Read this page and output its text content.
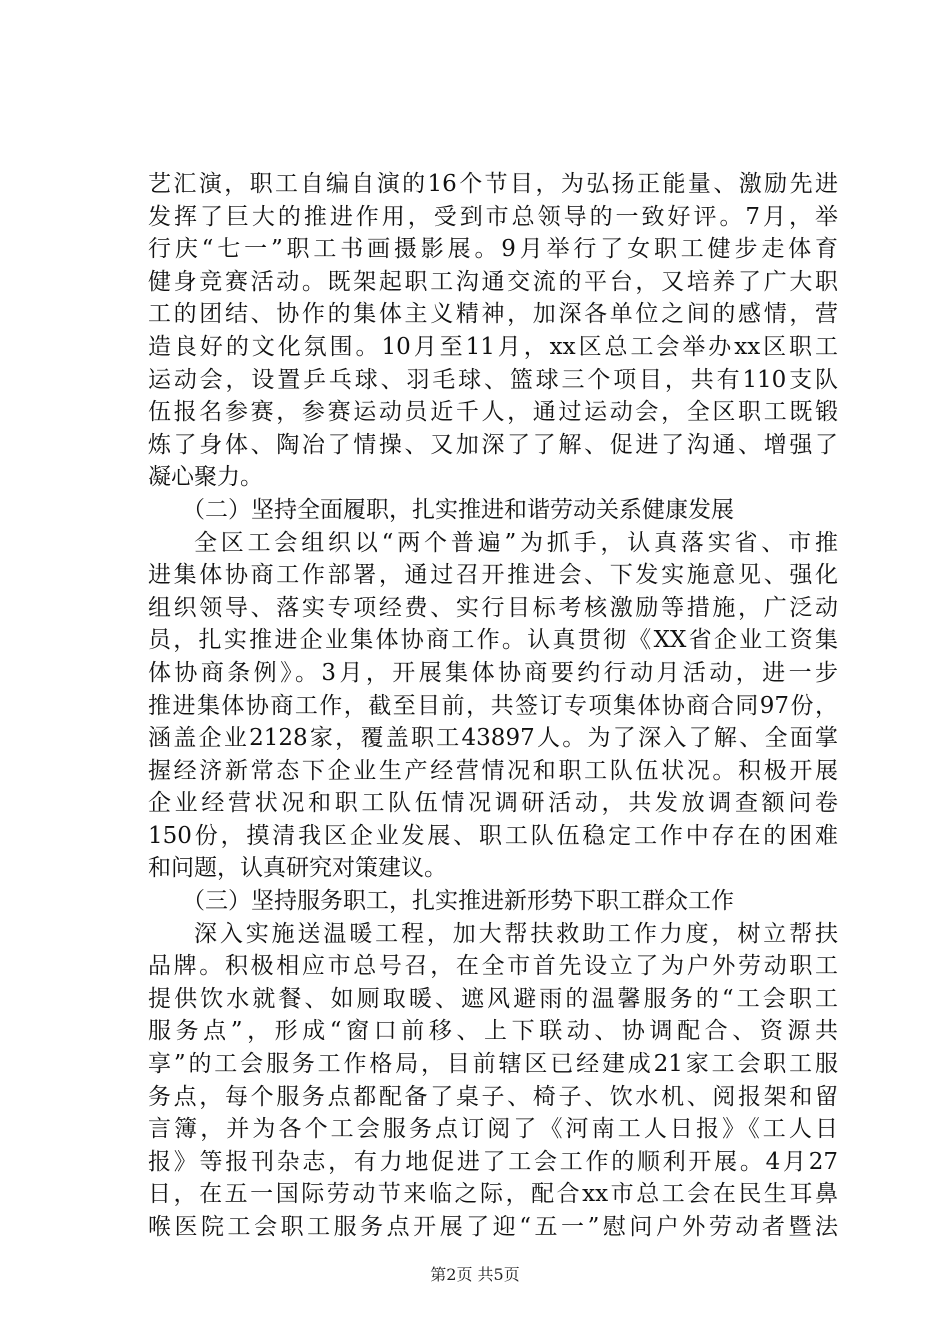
艺汇演，职工自编自演的16个节目，为弘扬正能量、激励先进
发挥了巨大的推进作用，受到市总领导的一致好评。7月，举
行庆“七一”职工书画摄影展。9月举行了女职工健步走体育
健身竞赛活动。既架起职工沟通交流的平台，又培养了广大职
工的团结、协作的集体主义精神，加深各单位之间的感情，营
造良好的文化氛围。10月至11月，xx区总工会举办xx区职工
运动会，设置乒乓球、羽毛球、篮球三个项目，共有110支队
伍报名参赛，参赛运动员近千人，通过运动会，全区职工既锻
炼了身体、陶冶了情操、又加深了了解、促进了沟通、增强了
凝心聚力。
（二）坚持全面履职，扎实推进和谐劳动关系健康发展
全区工会组织以“两个普遍”为抓手，认真落实省、市推
进集体协商工作部署，通过召开推进会、下发实施意见、强化
组织领导、落实专项经费、实行目标考核激励等措施，广泛动
员，扎实推进企业集体协商工作。认真贯彻《XX省企业工资集
体协商条例》。3月，开展集体协商要约行动月活动，进一步
推进集体协商工作，截至目前，共签订专项集体协商合同97份，
涵盖企业2128家，覆盖职工43897人。为了深入了解、全面掌
握经济新常态下企业生产经营情况和职工队伍状况。积极开展
企业经营状况和职工队伍情况调研活动，共发放调查额问卷
150份，摸清我区企业发展、职工队伍稳定工作中存在的困难
和问题，认真研究对策建议。
（三）坚持服务职工，扎实推进新形势下职工群众工作
深入实施送温暖工程，加大帮扶救助工作力度，树立帮扶
品牌。积极相应市总号召，在全市首先设立了为户外劳动职工
提供饮水就餐、如厕取暖、遮风避雨的温馨服务的“工会职工
服务点”，形成“窗口前移、上下联动、协调配合、资源共
享”的工会服务工作格局，目前辖区已经建成21家工会职工服
务点，每个服务点都配备了桌子、椅子、饮水机、阅报架和留
言簿，并为各个工会服务点订阅了《河南工人日报》《工人日
报》等报刊杂志，有力地促进了工会工作的顺利开展。4月27
日，在五一国际劳动节来临之际，配合xx市总工会在民生耳鼻
喉医院工会职工服务点开展了迎“五一”慰问户外劳动者暨法
第2页 共5页
